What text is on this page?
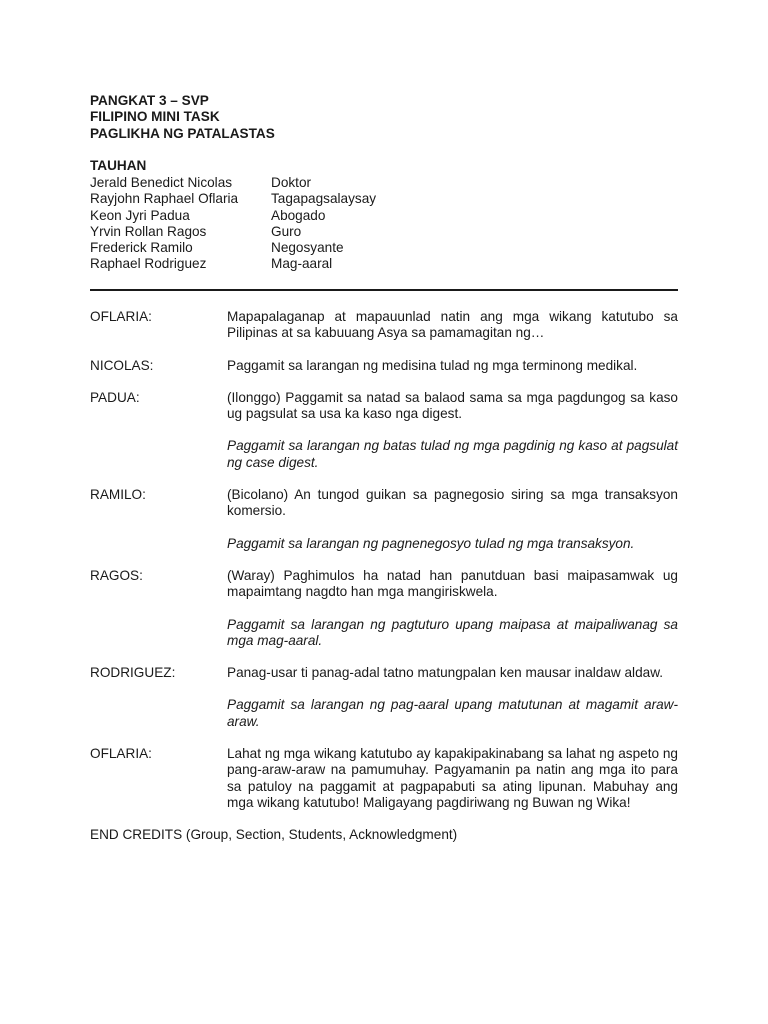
PANGKAT 3 – SVP
FILIPINO MINI TASK
PAGLIKHA NG PATALASTAS
TAUHAN
Jerald Benedict Nicolas	Doktor
Rayjohn Raphael Oflaria	Tagapagsalaysay
Keon Jyri Padua	Abogado
Yrvin Rollan Ragos	Guro
Frederick Ramilo	Negosyante
Raphael Rodriguez	Mag-aaral
OFLARIA:	Mapapalaganap at mapauunlad natin ang mga wikang katutubo sa Pilipinas at sa kabuuang Asya sa pamamagitan ng…

NICOLAS:	Paggamit sa larangan ng medisina tulad ng mga terminong medikal.

PADUA:	(Ilonggo) Paggamit sa natad sa balaod sama sa mga pagdungog sa kaso ug pagsulat sa usa ka kaso nga digest.

Paggamit sa larangan ng batas tulad ng mga pagdinig ng kaso at pagsulat ng case digest.

RAMILO:	(Bicolano) An tungod guikan sa pagnegosio siring sa mga transaksyon komersio.

Paggamit sa larangan ng pagnenegosyo tulad ng mga transaksyon.

RAGOS:	(Waray) Paghimulos ha natad han panutduan basi maipasamwak ug mapaimtang nagdto han mga mangiriskwela.

Paggamit sa larangan ng pagtuturo upang maipasa at maipaliwanag sa mga mag-aaral.

RODRIGUEZ:	Panag-usar ti panag-adal tatno matungpalan ken mausar inaldaw aldaw.

Paggamit sa larangan ng pag-aaral upang matutunan at magamit araw-araw.

OFLARIA:	Lahat ng mga wikang katutubo ay kapakipakinabang sa lahat ng aspeto ng pang-araw-araw na pamumuhay. Pagyamanin pa natin ang mga ito para sa patuloy na paggamit at pagpapabuti sa ating lipunan. Mabuhay ang mga wikang katutubo! Maligayang pagdiriwang ng Buwan ng Wika!

END CREDITS (Group, Section, Students, Acknowledgment)
